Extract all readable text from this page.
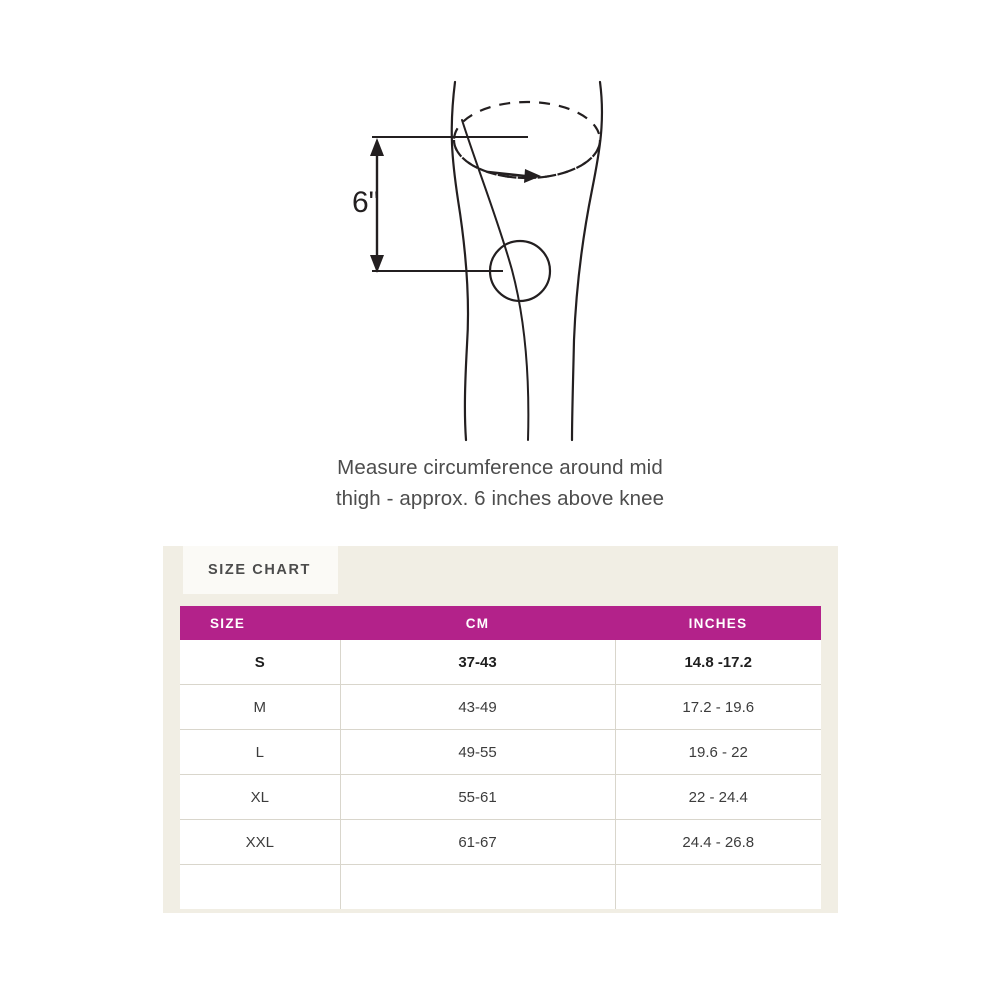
6"
Measure circumference around mid
thigh - approx. 6 inches above knee
SIZE CHART
SIZE	CM	INCHES
S	37-43	14.8 -17.2
M	43-49	17.2 - 19.6
L	49-55	19.6 - 22
XL	55-61	22 - 24.4
XXL	61-67	24.4 - 26.8
